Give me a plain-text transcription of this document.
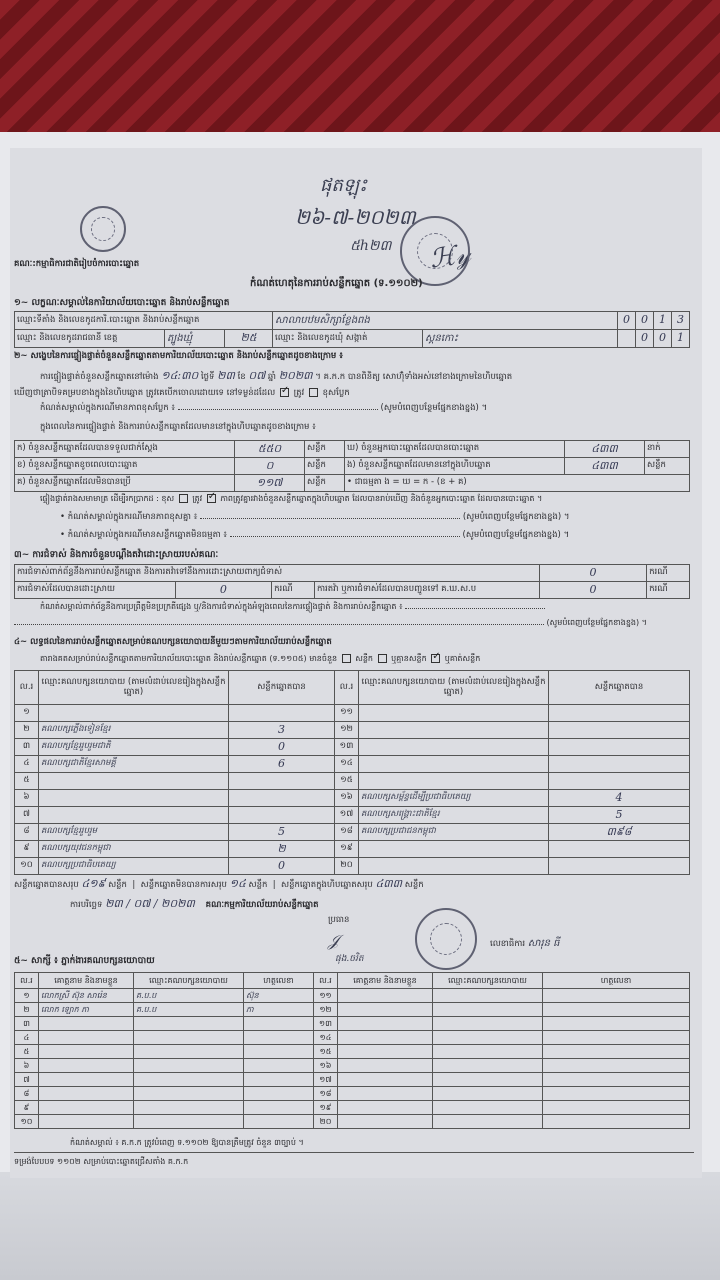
ផុតឡុះ
២៦-៧-២០២៣
៥h២៣ ℋ𝓎
គណៈ:កម្មាធិការជាតិរៀបចំការបោះឆ្នោត
កំណត់ហេតុនៃការរាប់សន្លឹកឆ្នោត (ទ.១១០២)
១~ លក្ខណៈសម្គាល់នៃការិយាល័យបោះឆ្នោត និងរាប់សន្លឹកឆ្នោត
ឈ្មោះទីតាំង និងលេខកូដការិ.បោះឆ្នោត និងរាប់សន្លឹកឆ្នោត			សាលាបឋមសិក្សាខ្លែងពង		0	0	1	3
ឈ្មោះ និងលេខកូដរាជធានី ខេត្ត	ត្បូងឃ្មុំ	២៥	ឈ្មោះ និងលេខកូដឃុំ សង្កាត់	ស្គនកោះ		0	0	1
២~ សង្ខេបនៃការផ្ទៀងផ្ទាត់ចំនួនសន្លឹកឆ្នោតតាមការិយាល័យបោះឆ្នោត និងរាប់សន្លឹកឆ្នោតដូចខាងក្រោម ៖
ការផ្ទៀងផ្ទាត់ចំនួនសន្លឹកឆ្នោតនៅម៉ោង ១៤:៣០ ថ្ងៃទី ២៣ ខែ ០៧ ឆ្នាំ ២០២៣ ។ គ.ក.ក បានពិនិត្យ សោហ៊ុំទាំងអស់នៅខាងក្រោមនៃហិបឆ្នោត
ឃើញថាត្រាបិទគម្របខាងក្នុងនៃហិបឆ្នោត ត្រូវគេបើកចោលដោយទេ នៅទម្ងន់ដដែល ✓ ត្រូវ ខុសប្លែក
កំណត់សម្គាល់ក្នុងករណីមានភាពខុសប្លែក ៖	(សូមបំពេញបន្ថែមផ្នែកខាងខ្នង) ។
ក្នុងពេលនៃការផ្ទៀងផ្ទាត់ និងការរាប់សន្លឹកឆ្នោតដែលមាននៅក្នុងហិបឆ្នោតដូចខាងក្រោម ៖
ក) ចំនួនសន្លឹកឆ្នោតដែលបានទទួលជាក់ស្តែង	៥៥០	សន្លឹក	ឃ) ចំនួនអ្នកបោះឆ្នោតដែលបានបោះឆ្នោត	៤៣៣	នាក់
ខ) ចំនួនសន្លឹកឆ្នោតខូចពេលបោះឆ្នោត	០	សន្លឹក	ង) ចំនួនសន្លឹកឆ្នោតដែលមាននៅក្នុងហិបឆ្នោត	៤៣៣	សន្លឹក
គ) ចំនួនសន្លឹកឆ្នោតដែលមិនបានប្រើ	១១៧	សន្លឹក	• ជាធម្មតា ង = ឃ = ក - (ខ + គ)		
ផ្ទៀងផ្ទាត់រាងសមាមាត្រ ដើម្បីរកប្រាកដ : ខុស ត្រូវ ✓ ភាពត្រូវគ្នារវាងចំនួនសន្លឹកឆ្នោតក្នុងហិបឆ្នោត ដែលបានរាប់ឃើញ និងចំនួនអ្នកបោះឆ្នោត ដែលបានបោះឆ្នោត ។
• កំណត់សម្គាល់ក្នុងករណីមានភាពខុសគ្នា ៖	(សូមបំពេញបន្ថែមផ្នែកខាងខ្នង) ។
• កំណត់សម្គាល់ក្នុងករណីមានសន្លឹកឆ្នោតមិនធម្មតា ៖	(សូមបំពេញបន្ថែមផ្នែកខាងខ្នង) ។
៣~ ការជំទាស់ និងការចំនួនបណ្តឹងតវ៉ាដោះស្រាយរបស់គណៈ
ការជំទាស់ពាក់ព័ន្ធនឹងការរាប់សន្លឹកឆ្នោត និងការតវ៉ាទៅនឹងការដោះស្រាយពាក្យជំទាស់				0	ករណី
ការជំទាស់ដែលបានដោះស្រាយ	0	ករណី	ការតវ៉ា ឬការជំទាស់ដែលបានបញ្ជូនទៅ គ.ឃ.ស.ប	0	ករណី
កំណត់សម្គាល់ពាក់ព័ន្ធនឹងការប្រព្រឹត្តមិនប្រក្រតីផ្សេង ឬ/និងការជំទាស់ក្នុងអំឡុងពេលនៃការផ្ទៀងផ្ទាត់ និងការរាប់សន្លឹកឆ្នោត ៖
(សូមបំពេញបន្ថែមផ្នែកខាងខ្នង) ។
៤~ លទ្ធផលនៃការរាប់សន្លឹកឆ្នោតសម្រាប់គណបក្សនយោបាយនីមួយៗតាមការិយាល័យរាប់សន្លឹកឆ្នោត
តារាងគតសម្រាប់រាប់សន្លឹកឆ្នោតតាមការិយាល័យបោះឆ្នោត និងរាប់សន្លឹកឆ្នោត (ទ.១១០៥) មានចំនួន សន្លឹក ឬគ្មានសន្លឹក ✓ ឬគាត់សន្លឹក
ល.រ	ឈ្មោះគណបក្សនយោបាយ (តាមលំដាប់លេខរៀងក្នុងសន្លឹកឆ្នោត)	សន្លឹកឆ្នោតបាន	ល.រ	ឈ្មោះគណបក្សនយោបាយ (តាមលំដាប់លេខរៀងក្នុងសន្លឹកឆ្នោត)	សន្លឹកឆ្នោតបាន
១			១១		
២	គណបក្សភ្លើងទៀនខ្មែរ	3	១២		
៣	គណបក្សខ្មែររួបរួមជាតិ	0	១៣		
៤	គណបក្សជាតិខ្មែរសាមគ្គី	6	១៤		
៥			១៥		
៦			១៦	គណបក្សសម្ព័ន្ធដើម្បីប្រជាធិបតេយ្យ	4
៧			១៧	គណបក្សសង្គ្រោះជាតិខ្មែរ	5
៨	គណបក្សខ្មែររួបរួម	5	១៨	គណបក្សប្រជាជនកម្ពុជា	៣៩៨
៩	គណបក្សយុវជនកម្ពុជា	២	១៩		
១០	គណបក្សប្រជាធិបតេយ្យ	0	២០		
សន្លឹកឆ្នោតបានសរុប ៤១៩ សន្លឹក  |  សន្លឹកឆ្នោតមិនបានការសរុប ១៤ សន្លឹក  |  សន្លឹកឆ្នោតក្នុងហិបឆ្នោតសរុប ៤៣៣ សន្លឹក
ការបរិច្ឆេទ ២៣ / ០៧ / ២០២៣ គណៈកម្មការិយាល័យរាប់សន្លឹកឆ្នោត
ប្រធាន
𝒥
ផុង.ចរិត
លេខាធិការ សារុន ធី
៥~ សាក្សី ៖ ភ្នាក់ងារគណបក្សនយោបាយ
ល.រ	គោត្តនាម និងនាមខ្លួន	ឈ្មោះគណបក្សនយោបាយ	ហត្ថលេខា	ល.រ	គោត្តនាម និងនាមខ្លួន	ឈ្មោះគណបក្សនយោបាយ	ហត្ថលេខា
១	លោកស្រី ស៊ុន សារ៉េន	គ.ប.ប	ស៊ុន	១១			
២	លោក ឡោក ភា	គ.ប.ប	ភា	១២			
៣				១៣			
៤				១៤			
៥				១៥			
៦				១៦			
៧				១៧			
៨				១៨			
៩				១៩			
១០				២០			
កំណត់សម្គាល់ ៖ គ.ក.ក ត្រូវបំពេញ ទ.១១០២ ឱ្យបានត្រឹមត្រូវ ចំនួន ៣ច្បាប់ ។
ទម្រង់បែបបទ ១១០២ សម្រាប់បោះឆ្នោតជ្រើសតាំង គ.ក.ក
